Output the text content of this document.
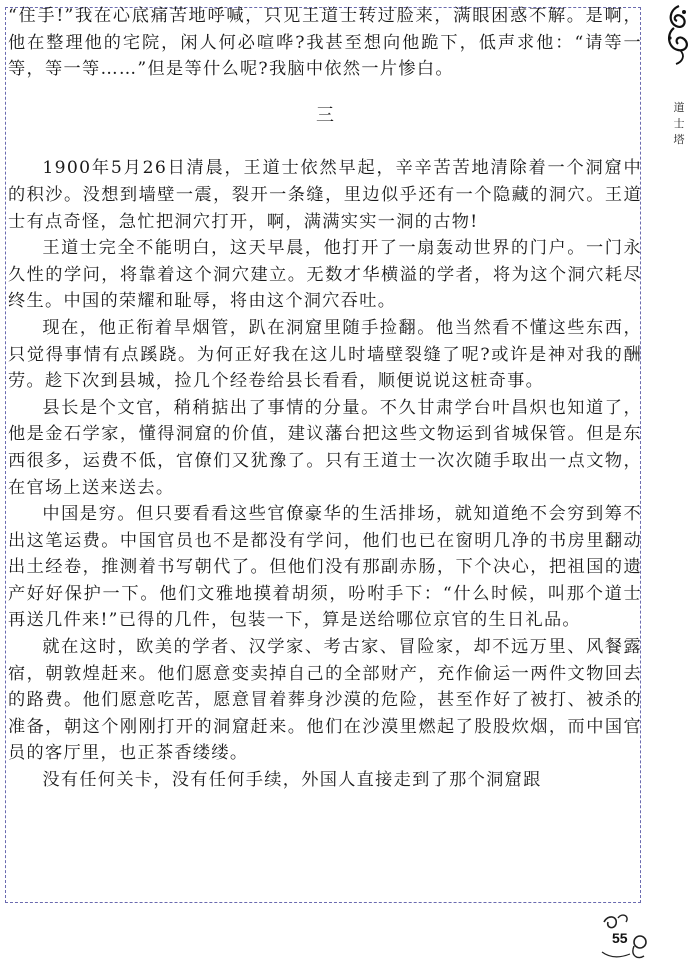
道士塔

“住手!”我在心底痛苦地呼喊，只见王道士转过脸来，满眼困惑不解。是啊，他在整理他的宅院，闲人何必喧哗?我甚至想向他跪下，低声求他：“请等一等，等一等……”但是等什么呢?我脑中依然一片惨白。

三

1900年5月26日清晨，王道士依然早起，辛辛苦苦地清除着一个洞窟中的积沙。没想到墙壁一震，裂开一条缝，里边似乎还有一个隐藏的洞穴。王道士有点奇怪，急忙把洞穴打开，啊，满满实实一洞的古物!

王道士完全不能明白，这天早晨，他打开了一扇轰动世界的门户。一门永久性的学问，将靠着这个洞穴建立。无数才华横溢的学者，将为这个洞穴耗尽终生。中国的荣耀和耻辱，将由这个洞穴吞吐。

现在，他正衔着旱烟管，趴在洞窟里随手捡翻。他当然看不懂这些东西，只觉得事情有点蹊跷。为何正好我在这儿时墙壁裂缝了呢?或许是神对我的酬劳。趁下次到县城，捡几个经卷给县长看看，顺便说说这桩奇事。

县长是个文官，稍稍掂出了事情的分量。不久甘肃学台叶昌炽也知道了，他是金石学家，懂得洞窟的价值，建议藩台把这些文物运到省城保管。但是东西很多，运费不低，官僚们又犹豫了。只有王道士一次次随手取出一点文物，在官场上送来送去。

中国是穷。但只要看看这些官僚豪华的生活排场，就知道绝不会穷到筹不出这笔运费。中国官员也不是都没有学问，他们也已在窗明几净的书房里翻动出土经卷，推测着书写朝代了。但他们没有那副赤肠，下个决心，把祖国的遗产好好保护一下。他们文雅地摸着胡须，吩咐手下：“什么时候，叫那个道士再送几件来!”已得的几件，包装一下，算是送给哪位京官的生日礼品。

就在这时，欧美的学者、汉学家、考古家、冒险家，却不远万里、风餐露宿，朝敦煌赶来。他们愿意变卖掉自己的全部财产，充作偷运一两件文物回去的路费。他们愿意吃苦，愿意冒着葬身沙漠的危险，甚至作好了被打、被杀的准备，朝这个刚刚打开的洞窟赶来。他们在沙漠里燃起了股股炊烟，而中国官员的客厅里，也正茶香缕缕。

没有任何关卡，没有任何手续，外国人直接走到了那个洞窟跟

55
